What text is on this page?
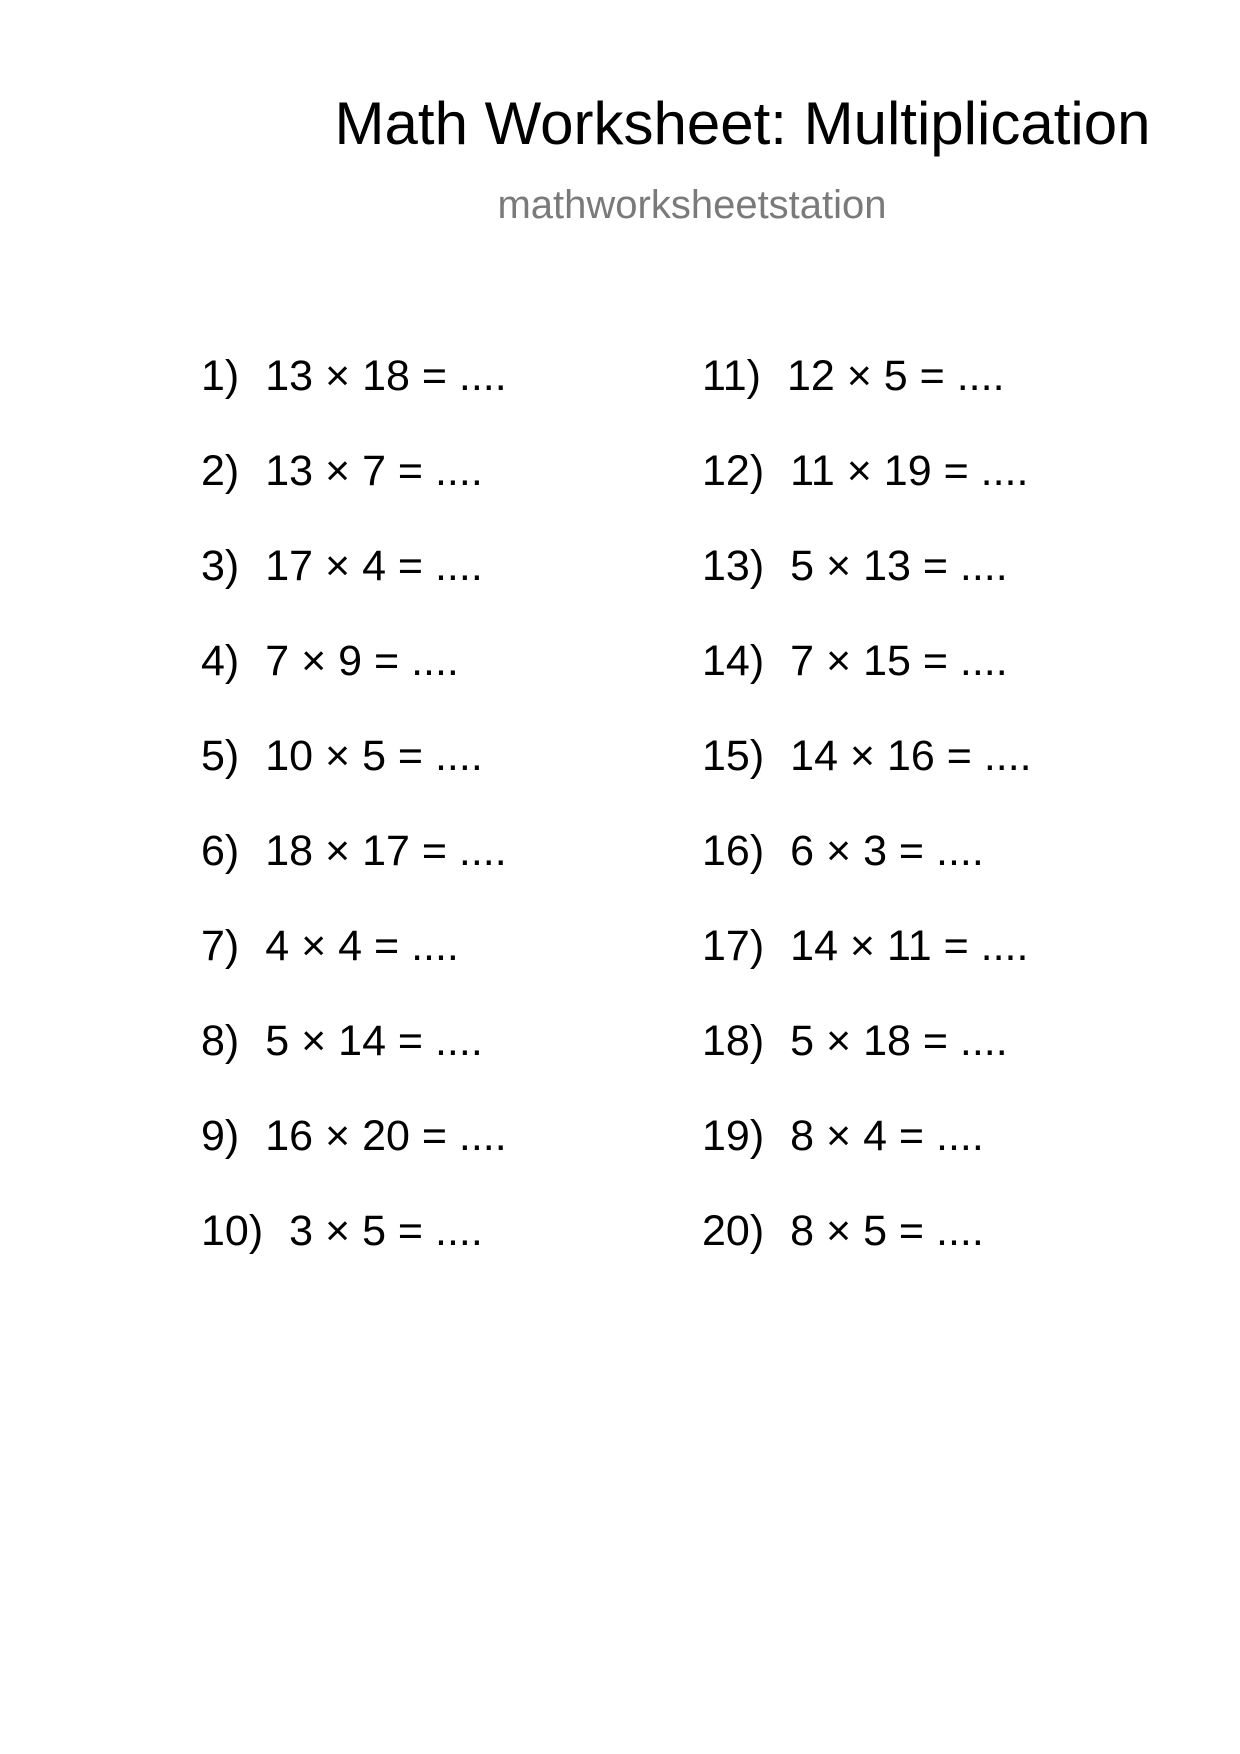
Math Worksheet: Multiplication
mathworksheetstation
1) 13 × 18 = ....
2) 13 × 7 = ....
3) 17 × 4 = ....
4) 7 × 9 = ....
5) 10 × 5 = ....
6) 18 × 17 = ....
7) 4 × 4 = ....
8) 5 × 14 = ....
9) 16 × 20 = ....
10) 3 × 5 = ....
11) 12 × 5 = ....
12) 11 × 19 = ....
13) 5 × 13 = ....
14) 7 × 15 = ....
15) 14 × 16 = ....
16) 6 × 3 = ....
17) 14 × 11 = ....
18) 5 × 18 = ....
19) 8 × 4 = ....
20) 8 × 5 = ....
